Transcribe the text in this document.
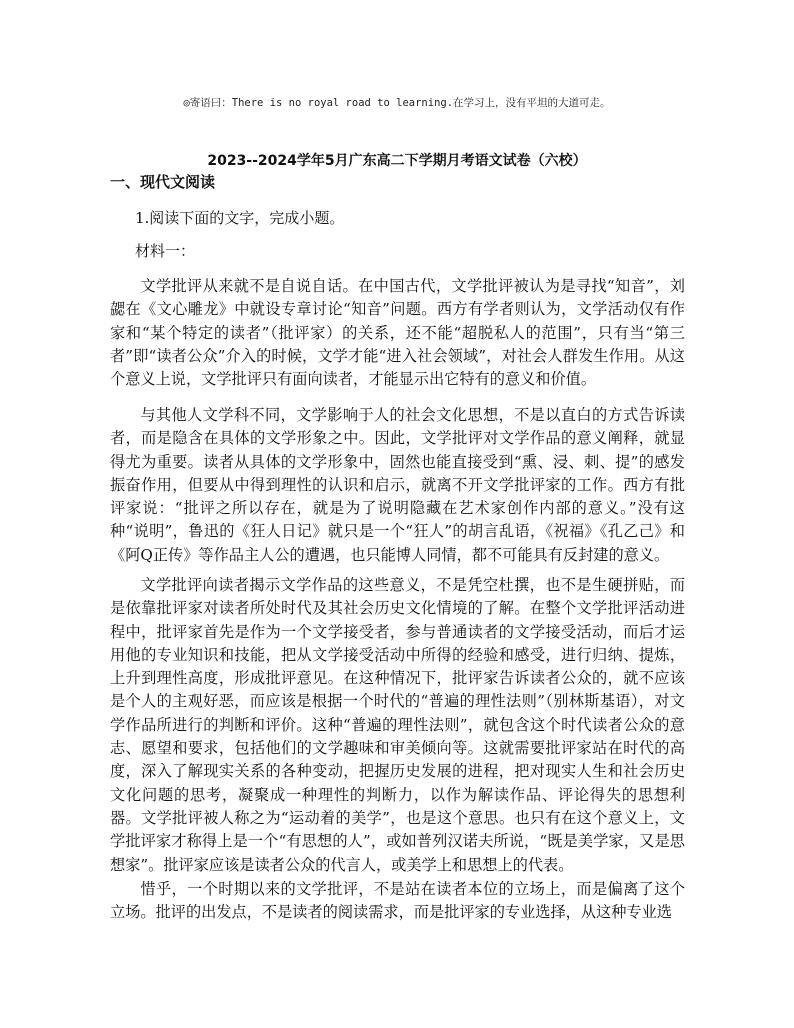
◎寄语曰：There is no royal road to learning.在学习上，没有平坦的大道可走。
2023--2024学年5月广东高二下学期月考语文试卷（六校）
一、现代文阅读
1.阅读下面的文字，完成小题。
材料一：

文学批评从来就不是自说自话。在中国古代，文学批评被认为是寻找“知音”，刘勰在《文心雕龙》中就设专章讨论“知音”问题。西方有学者则认为，文学活动仅有作家和“某个特定的读者”（批评家）的关系，还不能“超脱私人的范围”，只有当“第三者”即“读者公众”介入的时候，文学才能“进入社会领域”，对社会人群发生作用。从这个意义上说，文学批评只有面向读者，才能显示出它特有的意义和价值。

与其他人文学科不同，文学影响于人的社会文化思想，不是以直白的方式告诉读者，而是隐含在具体的文学形象之中。因此，文学批评对文学作品的意义阐释，就显得尤为重要。读者从具体的文学形象中，固然也能直接受到“熏、浸、刺、提”的感发振奋作用，但要从中得到理性的认识和启示，就离不开文学批评家的工作。西方有批评家说：“批评之所以存在，就是为了说明隐藏在艺术家创作内部的意义。”没有这种“说明”，鲁迅的《狂人日记》就只是一个“狂人”的胡言乱语，《祝福》《孔乙己》和《阿Q正传》等作品主人公的遭遇，也只能博人同情，都不可能具有反封建的意义。

文学批评向读者揭示文学作品的这些意义，不是凭空杜撰，也不是生硬拼贴，而是依靠批评家对读者所处时代及其社会历史文化情境的了解。在整个文学批评活动进程中，批评家首先是作为一个文学接受者，参与普通读者的文学接受活动，而后才运用他的专业知识和技能，把从文学接受活动中所得的经验和感受，进行归纳、提炼，上升到理性高度，形成批评意见。在这种情况下，批评家告诉读者公众的，就不应该是个人的主观好恶，而应该是根据一个时代的“普遍的理性法则”（别林斯基语），对文学作品所进行的判断和评价。这种“普遍的理性法则”，就包含这个时代读者公众的意志、愿望和要求，包括他们的文学趣味和审美倾向等。这就需要批评家站在时代的高度，深入了解现实关系的各种变动，把握历史发展的进程，把对现实人生和社会历史文化问题的思考，凝聚成一种理性的判断力，以作为解读作品、评论得失的思想利器。文学批评被人称之为“运动着的美学”，也是这个意思。也只有在这个意义上，文学批评家才称得上是一个“有思想的人”，或如普列汉诺夫所说，“既是美学家，又是思想家”。批评家应该是读者公众的代言人，或美学上和思想上的代表。

惜乎，一个时期以来的文学批评，不是站在读者本位的立场上，而是偏离了这个立场。批评的出发点，不是读者的阅读需求，而是批评家的专业选择，从这种专业选
